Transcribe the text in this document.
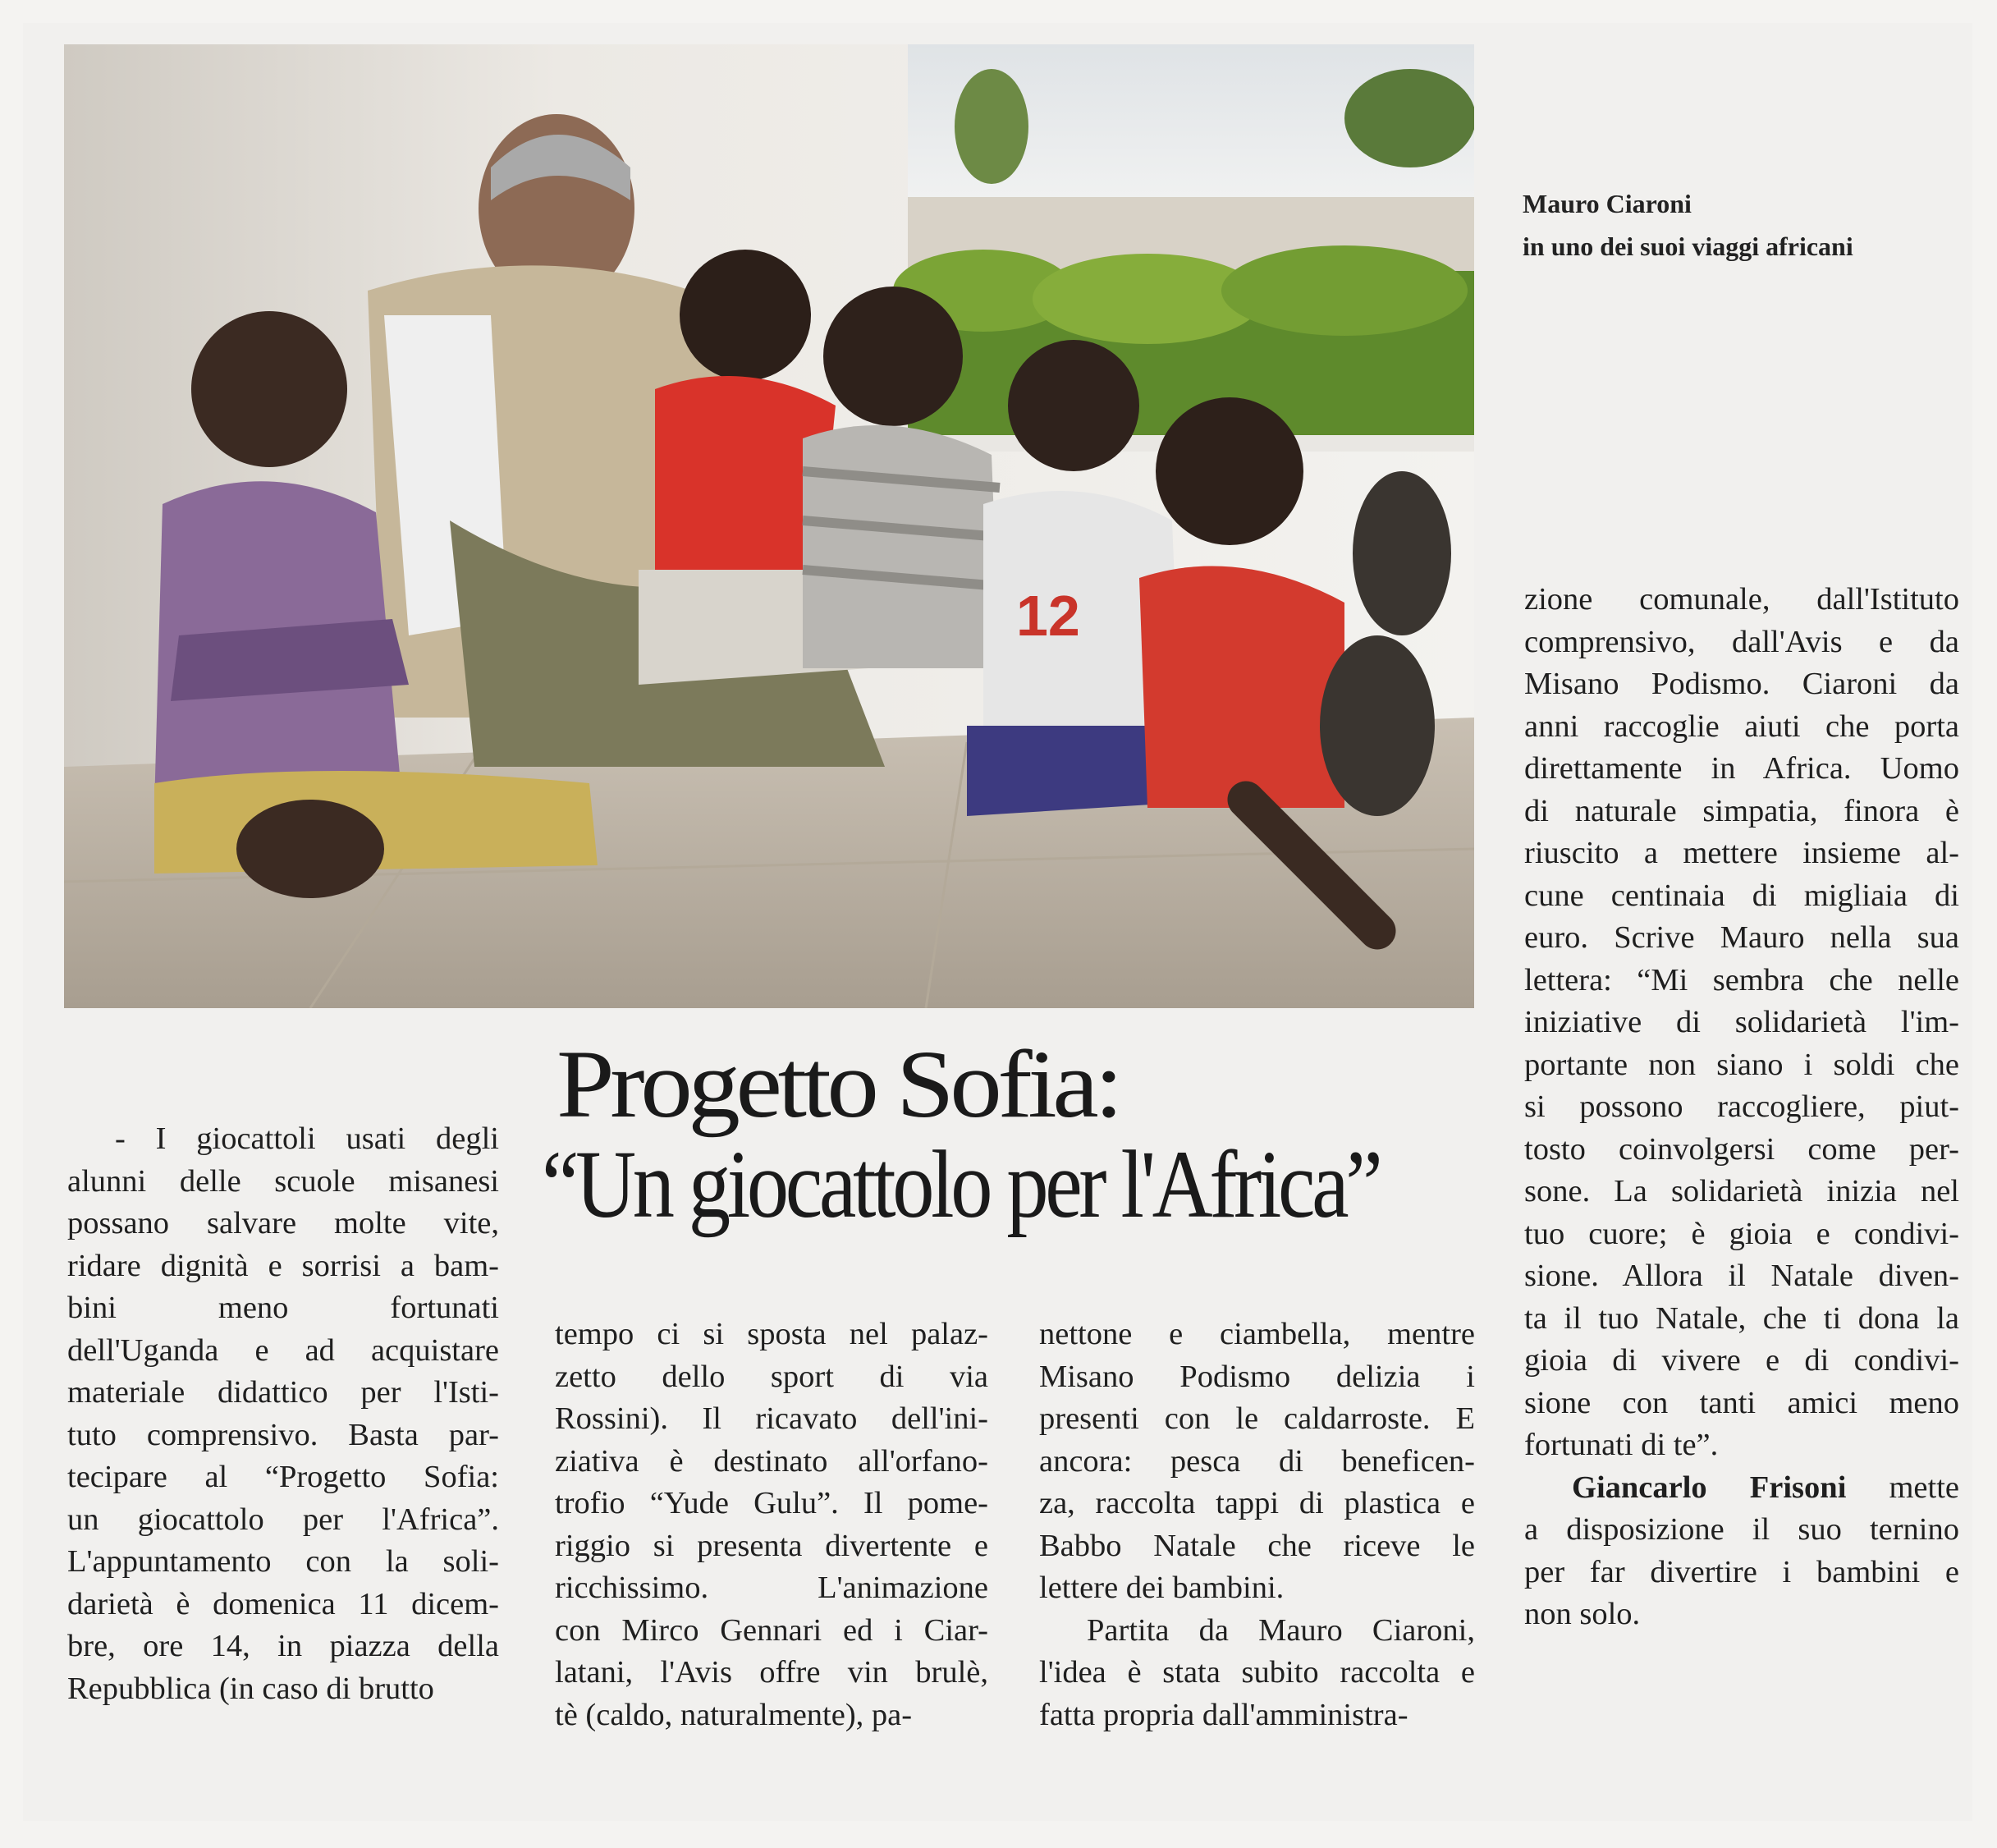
12
Mauro Ciaroni
in uno dei suoi viaggi africani
Progetto Sofia:
“Un giocattolo per l'Africa”
- I giocattoli usati degli
alunni delle scuole misanesi
possano salvare molte vite,
ridare dignità e sorrisi a bam-
bini meno fortunati
dell'Uganda e ad acquistare
materiale didattico per l'Isti-
tuto comprensivo. Basta par-
tecipare al “Progetto Sofia:
un giocattolo per l'Africa”.
L'appuntamento con la soli-
darietà è domenica 11 dicem-
bre, ore 14, in piazza della
Repubblica (in caso di brutto
tempo ci si sposta nel palaz-
zetto dello sport di via
Rossini). Il ricavato dell'ini-
ziativa è destinato all'orfano-
trofio “Yude Gulu”. Il pome-
riggio si presenta divertente e
ricchissimo. L'animazione
con Mirco Gennari ed i Ciar-
latani, l'Avis offre vin brulè,
tè (caldo, naturalmente), pa-
nettone e ciambella, mentre
Misano Podismo delizia i
presenti con le caldarroste. E
ancora: pesca di beneficen-
za, raccolta tappi di plastica e
Babbo Natale che riceve le
lettere dei bambini.
Partita da Mauro Ciaroni,
l'idea è stata subito raccolta e
fatta propria dall'amministra-
zione comunale, dall'Istituto
comprensivo, dall'Avis e da
Misano Podismo. Ciaroni da
anni raccoglie aiuti che porta
direttamente in Africa. Uomo
di naturale simpatia, finora è
riuscito a mettere insieme al-
cune centinaia di migliaia di
euro. Scrive Mauro nella sua
lettera: “Mi sembra che nelle
iniziative di solidarietà l'im-
portante non siano i soldi che
si possono raccogliere, piut-
tosto coinvolgersi come per-
sone. La solidarietà inizia nel
tuo cuore; è gioia e condivi-
sione. Allora il Natale diven-
ta il tuo Natale, che ti dona la
gioia di vivere e di condivi-
sione con tanti amici meno
fortunati di te”.
Giancarlo Frisoni mette
a disposizione il suo ternino
per far divertire i bambini e
non solo.
